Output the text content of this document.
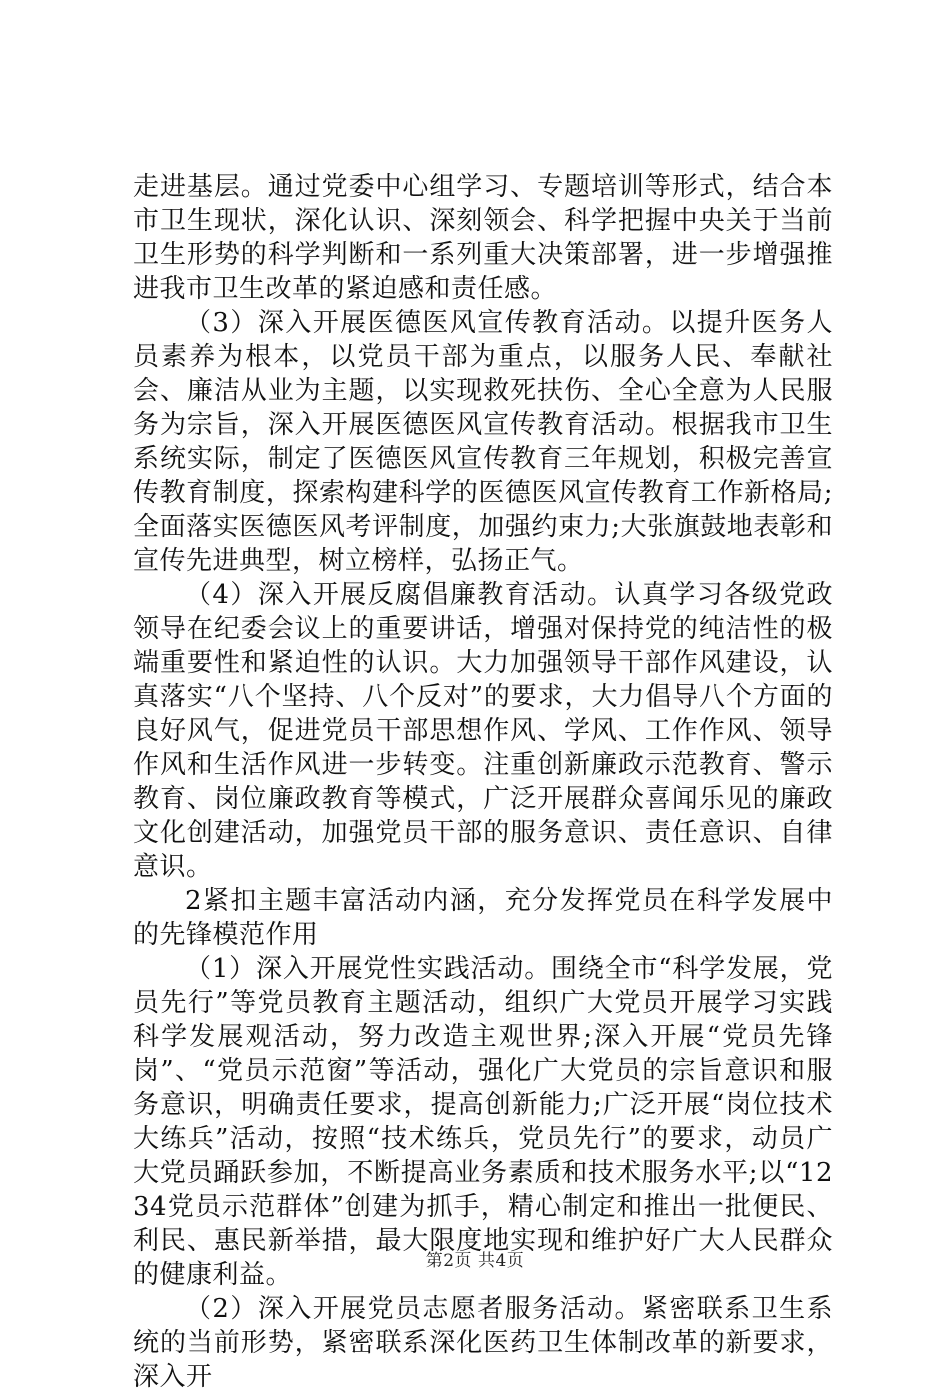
走进基层。通过党委中心组学习、专题培训等形式，结合本市卫生现状，深化认识、深刻领会、科学把握中央关于当前卫生形势的科学判断和一系列重大决策部署，进一步增强推进我市卫生改革的紧迫感和责任感。

（3）深入开展医德医风宣传教育活动。以提升医务人员素养为根本，以党员干部为重点，以服务人民、奉献社会、廉洁从业为主题，以实现救死扶伤、全心全意为人民服务为宗旨，深入开展医德医风宣传教育活动。根据我市卫生系统实际，制定了医德医风宣传教育三年规划，积极完善宣传教育制度，探索构建科学的医德医风宣传教育工作新格局;全面落实医德医风考评制度，加强约束力;大张旗鼓地表彰和宣传先进典型，树立榜样，弘扬正气。

（4）深入开展反腐倡廉教育活动。认真学习各级党政领导在纪委会议上的重要讲话，增强对保持党的纯洁性的极端重要性和紧迫性的认识。大力加强领导干部作风建设，认真落实“八个坚持、八个反对”的要求，大力倡导八个方面的良好风气，促进党员干部思想作风、学风、工作作风、领导作风和生活作风进一步转变。注重创新廉政示范教育、警示教育、岗位廉政教育等模式，广泛开展群众喜闻乐见的廉政文化创建活动，加强党员干部的服务意识、责任意识、自律意识。

2紧扣主题丰富活动内涵，充分发挥党员在科学发展中的先锋模范作用

（1）深入开展党性实践活动。围绕全市“科学发展，党员先行”等党员教育主题活动，组织广大党员开展学习实践科学发展观活动，努力改造主观世界;深入开展“党员先锋岗”、“党员示范窗”等活动，强化广大党员的宗旨意识和服务意识，明确责任要求，提高创新能力;广泛开展“岗位技术大练兵”活动，按照“技术练兵，党员先行”的要求，动员广大党员踊跃参加，不断提高业务素质和技术服务水平;以“1234党员示范群体”创建为抓手，精心制定和推出一批便民、利民、惠民新举措，最大限度地实现和维护好广大人民群众的健康利益。

（2）深入开展党员志愿者服务活动。紧密联系卫生系统的当前形势，紧密联系深化医药卫生体制改革的新要求，深入开

第2页 共4页
